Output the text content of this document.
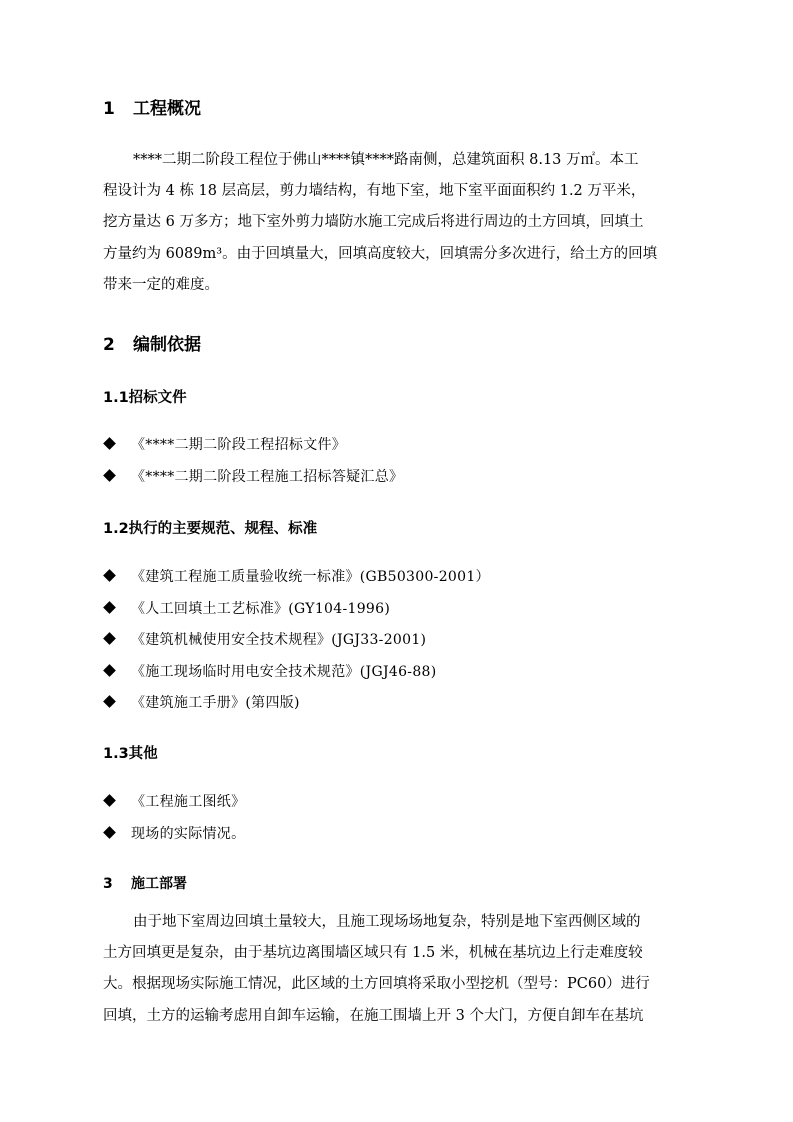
1 工程概况
****二期二阶段工程位于佛山****镇****路南侧，总建筑面积 8.13 万㎡。本工
程设计为 4 栋 18 层高层，剪力墙结构，有地下室，地下室平面面积约 1.2 万平米，
挖方量达 6 万多方；地下室外剪力墙防水施工完成后将进行周边的土方回填，回填土
方量约为 6089m³。由于回填量大，回填高度较大，回填需分多次进行，给土方的回填
带来一定的难度。
2 编制依据
1.1招标文件
《****二期二阶段工程招标文件》
《****二期二阶段工程施工招标答疑汇总》
1.2执行的主要规范、规程、标准
《建筑工程施工质量验收统一标准》(GB50300-2001）
《人工回填土工艺标准》(GY104-1996)
《建筑机械使用安全技术规程》(JGJ33-2001)
《施工现场临时用电安全技术规范》(JGJ46-88)
《建筑施工手册》(第四版)
1.3其他
《工程施工图纸》
现场的实际情况。
3 施工部署
由于地下室周边回填土量较大，且施工现场场地复杂，特别是地下室西侧区域的
土方回填更是复杂，由于基坑边离围墙区域只有 1.5 米，机械在基坑边上行走难度较
大。根据现场实际施工情况，此区域的土方回填将采取小型挖机（型号：PC60）进行
回填，土方的运输考虑用自卸车运输，在施工围墙上开 3 个大门，方便自卸车在基坑
